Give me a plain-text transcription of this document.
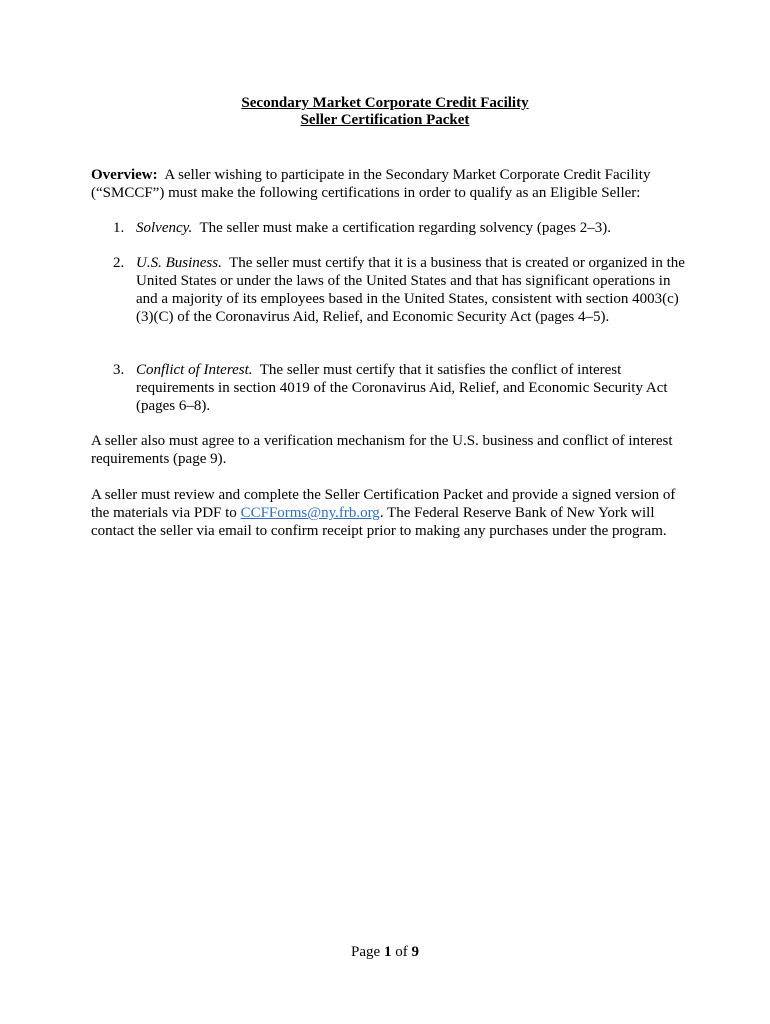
Secondary Market Corporate Credit Facility
Seller Certification Packet

Overview: A seller wishing to participate in the Secondary Market Corporate Credit Facility (“SMCCF”) must make the following certifications in order to qualify as an Eligible Seller:

1. Solvency. The seller must make a certification regarding solvency (pages 2–3).
2. U.S. Business. The seller must certify that it is a business that is created or organized in the United States or under the laws of the United States and that has significant operations in and a majority of its employees based in the United States, consistent with section 4003(c)(3)(C) of the Coronavirus Aid, Relief, and Economic Security Act (pages 4–5).
3. Conflict of Interest. The seller must certify that it satisfies the conflict of interest requirements in section 4019 of the Coronavirus Aid, Relief, and Economic Security Act (pages 6–8).

A seller also must agree to a verification mechanism for the U.S. business and conflict of interest requirements (page 9).

A seller must review and complete the Seller Certification Packet and provide a signed version of the materials via PDF to CCFForms@ny.frb.org. The Federal Reserve Bank of New York will contact the seller via email to confirm receipt prior to making any purchases under the program.

Page 1 of 9
